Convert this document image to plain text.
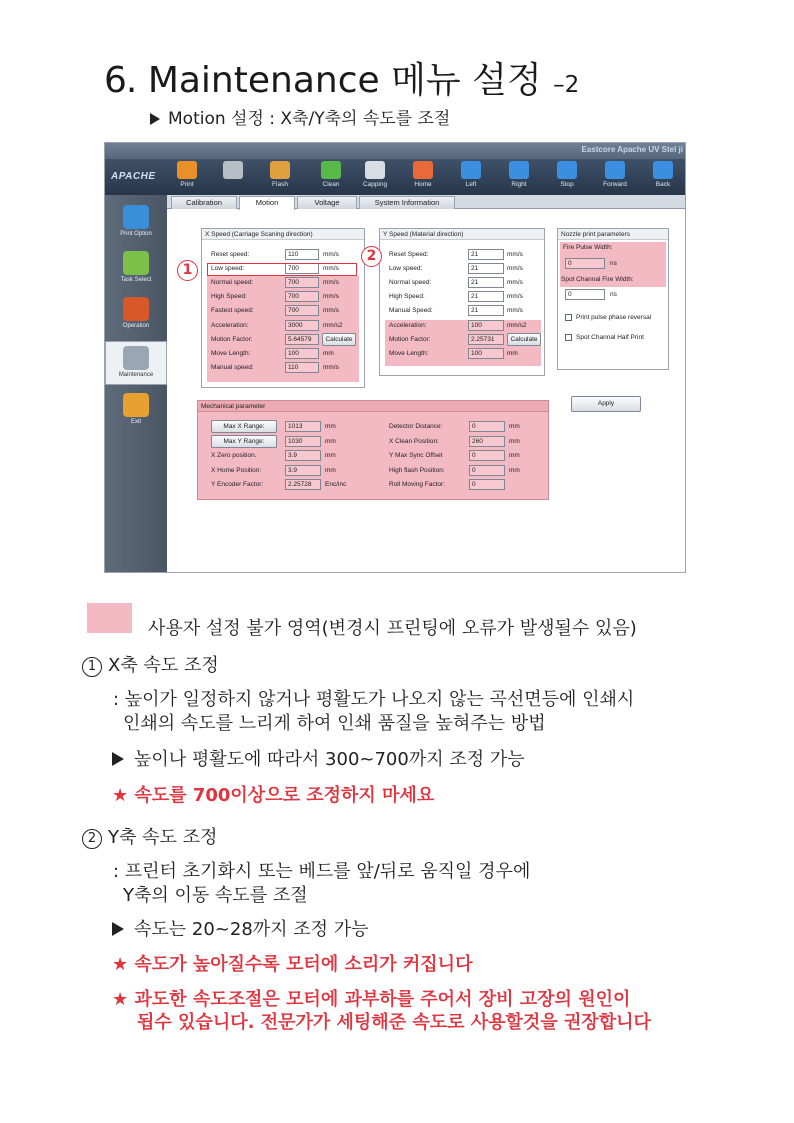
6. Maintenance 메뉴 설정 –2
Motion 설정 : X축/Y축의 속도를 조절
Eastcore Apache UV Stel ji
APACHE
Print	Flash	Clean	Capping	Home	Left	Right	Stop	Forward	Back
Print Option
Task Select
Operation
Maintenance
Exit
Calibration	Motion	Voltage	System Information
X Speed (Carriage Scaning direction)
Reset speed:	110	mm/s
Low speed:	700	mm/s
Normal speed:	700	mm/s
High Speed:	700	mm/s
Fastest speed:	700	mm/s
Acceleration:	3000	mm/s2
Motion Factor:	5.64579	Calculate
Move Length:	100	mm
Manual speed:	110	mm/s
Y Speed (Material direction)
Reset Speed:	21	mm/s
Low speed:	21	mm/s
Normal speed:	21	mm/s
High Speed:	21	mm/s
Manual Speed:	21	mm/s
Acceleration:	100	mm/s2
Motion Factor:	2.25731	Calculate
Move Length:	100	mm
Nozzle print parameters
Fire Pulse Width:
0	ns
Spot Channal Fire Width:
0	ns
Print pulse phase reversal
Spot Channal Half Print
Apply
Mechanical parameter
Max X Range:	1013	mm
Max Y Range:	1030	mm
X Zero position.	3.9	mm
X Home Position:	3.9	mm
Y Encoder Factor:	2.25728	Enc/inc
Detector Distance:	0	mm
X Clean Position:	260	mm
Y Max Sync Offset	0	mm
High flash Position:	0	mm
Roll Moving Factor:	0
1
2
사용자 설정 불가 영역(변경시 프린팅에 오류가 발생될수 있음)
1 X축 속도 조정
: 높이가 일정하지 않거나 평활도가 나오지 않는 곡선면등에 인쇄시
인쇄의 속도를 느리게 하여 인쇄 품질을 높혀주는 방법
높이나 평활도에 따라서 300~700까지 조정 가능
★ 속도를 700이상으로 조정하지 마세요
2 Y축 속도 조정
: 프린터 초기화시 또는 베드를 앞/뒤로 움직일 경우에
Y축의 이동 속도를 조절
속도는 20~28까지 조정 가능
★ 속도가 높아질수록 모터에 소리가 커집니다
★ 과도한 속도조절은 모터에 과부하를 주어서 장비 고장의 원인이
됩수 있습니다. 전문가가 세팅해준 속도로 사용할것을 권장합니다
